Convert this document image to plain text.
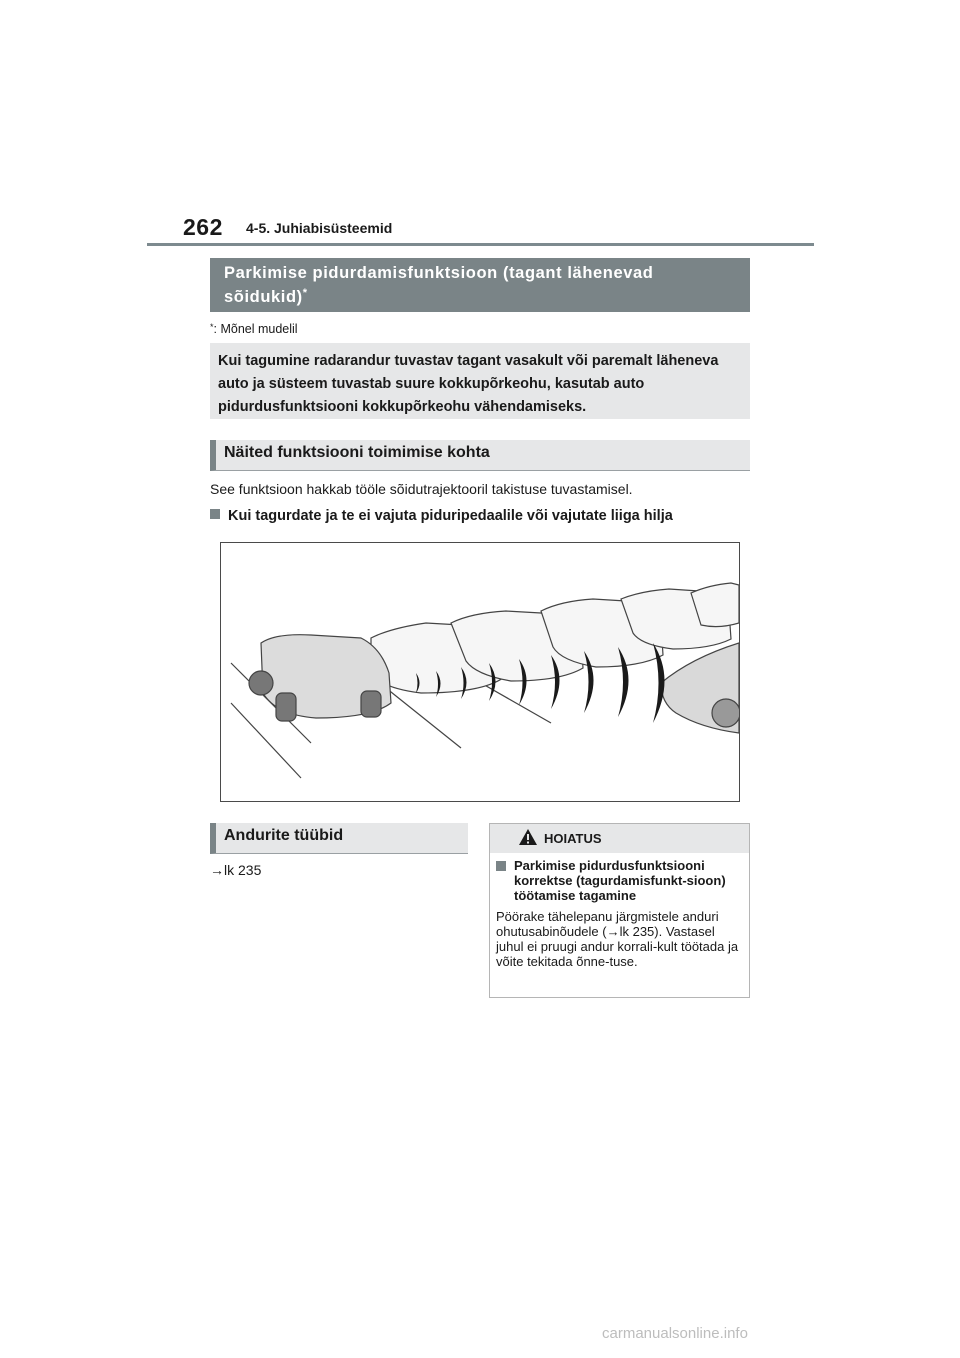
262 4-5. Juhiabisüsteemid
Parkimise pidurdamisfunktsioon (tagant lähenevad sõidukid)*
*: Mõnel mudelil
Kui tagumine radarandur tuvastav tagant vasakult või paremalt läheneva auto ja süsteem tuvastab suure kokkupõrkeohu, kasutab auto pidurdusfunktsiooni kokkupõrkeohu vähendamiseks.
Näited funktsiooni toimimise kohta
See funktsioon hakkab tööle sõidutrajektooril takistuse tuvastamisel.
Kui tagurdate ja te ei vajuta piduripedaalile või vajutate liiga hilja
Andurite tüübid
→lk 235
HOIATUS
Parkimise pidurdusfunktsiooni korrektse (tagurdamisfunkt-sioon) töötamise tagamine
Pöörake tähelepanu järgmistele anduri ohutusabinõudele (→lk 235). Vastasel juhul ei pruugi andur korrali-kult töötada ja võite tekitada õnne-tuse.
carmanualsonline.info
